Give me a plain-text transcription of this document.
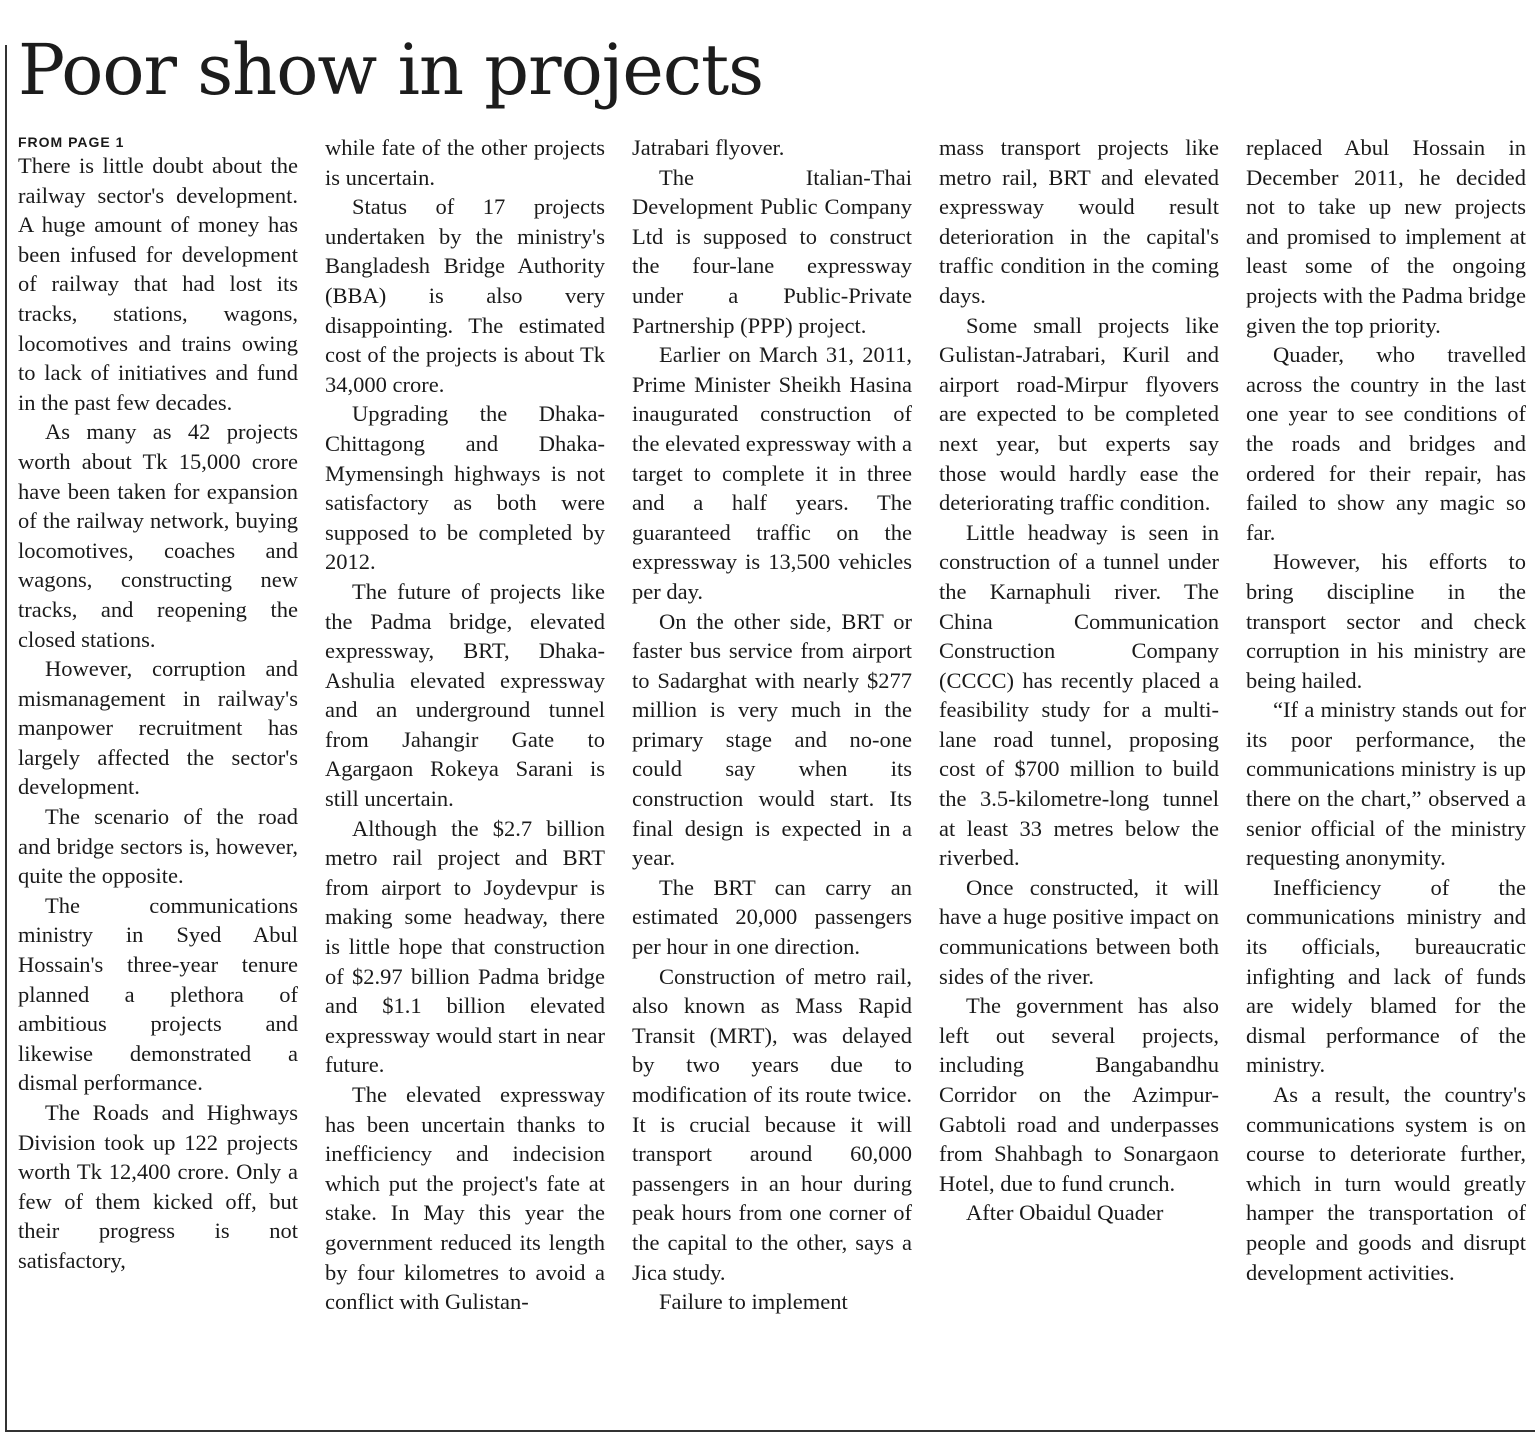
Poor show in projects
FROM PAGE 1

There is little doubt about the railway sector's development. A huge amount of money has been infused for development of railway that had lost its tracks, stations, wagons, locomotives and trains owing to lack of initiatives and fund in the past few decades.

As many as 42 projects worth about Tk 15,000 crore have been taken for expansion of the railway network, buying locomotives, coaches and wagons, constructing new tracks, and reopening the closed stations.

However, corruption and mismanagement in railway's manpower recruitment has largely affected the sector's development.

The scenario of the road and bridge sectors is, however, quite the opposite.

The communications ministry in Syed Abul Hossain's three-year tenure planned a plethora of ambitious projects and likewise demonstrated a dismal performance.

The Roads and Highways Division took up 122 projects worth Tk 12,400 crore. Only a few of them kicked off, but their progress is not satisfactory,

while fate of the other projects is uncertain.

Status of 17 projects undertaken by the ministry's Bangladesh Bridge Authority (BBA) is also very disappointing. The estimated cost of the projects is about Tk 34,000 crore.

Upgrading the Dhaka-Chittagong and Dhaka-Mymensingh highways is not satisfactory as both were supposed to be completed by 2012.

The future of projects like the Padma bridge, elevated expressway, BRT, Dhaka-Ashulia elevated expressway and an underground tunnel from Jahangir Gate to Agargaon Rokeya Sarani is still uncertain.

Although the $2.7 billion metro rail project and BRT from airport to Joydevpur is making some headway, there is little hope that construction of $2.97 billion Padma bridge and $1.1 billion elevated expressway would start in near future.

The elevated expressway has been uncertain thanks to inefficiency and indecision which put the project's fate at stake. In May this year the government reduced its length by four kilometres to avoid a conflict with Gulistan-

Jatrabari flyover.

The Italian-Thai Development Public Company Ltd is supposed to construct the four-lane expressway under a Public-Private Partnership (PPP) project.

Earlier on March 31, 2011, Prime Minister Sheikh Hasina inaugurated construction of the elevated expressway with a target to complete it in three and a half years. The guaranteed traffic on the expressway is 13,500 vehicles per day.

On the other side, BRT or faster bus service from airport to Sadarghat with nearly $277 million is very much in the primary stage and no-one could say when its construction would start. Its final design is expected in a year.

The BRT can carry an estimated 20,000 passengers per hour in one direction.

Construction of metro rail, also known as Mass Rapid Transit (MRT), was delayed by two years due to modification of its route twice. It is crucial because it will transport around 60,000 passengers in an hour during peak hours from one corner of the capital to the other, says a Jica study.

Failure to implement

mass transport projects like metro rail, BRT and elevated expressway would result deterioration in the capital's traffic condition in the coming days.

Some small projects like Gulistan-Jatrabari, Kuril and airport road-Mirpur flyovers are expected to be completed next year, but experts say those would hardly ease the deteriorating traffic condition.

Little headway is seen in construction of a tunnel under the Karnaphuli river. The China Communication Construction Company (CCCC) has recently placed a feasibility study for a multi-lane road tunnel, proposing cost of $700 million to build the 3.5-kilometre-long tunnel at least 33 metres below the riverbed.

Once constructed, it will have a huge positive impact on communications between both sides of the river.

The government has also left out several projects, including Bangabandhu Corridor on the Azimpur-Gabtoli road and underpasses from Shahbagh to Sonargaon Hotel, due to fund crunch.

After Obaidul Quader

replaced Abul Hossain in December 2011, he decided not to take up new projects and promised to implement at least some of the ongoing projects with the Padma bridge given the top priority.

Quader, who travelled across the country in the last one year to see conditions of the roads and bridges and ordered for their repair, has failed to show any magic so far.

However, his efforts to bring discipline in the transport sector and check corruption in his ministry are being hailed.

“If a ministry stands out for its poor performance, the communications ministry is up there on the chart,” observed a senior official of the ministry requesting anonymity.

Inefficiency of the communications ministry and its officials, bureaucratic infighting and lack of funds are widely blamed for the dismal performance of the ministry.

As a result, the country's communications system is on course to deteriorate further, which in turn would greatly hamper the transportation of people and goods and disrupt development activities.
